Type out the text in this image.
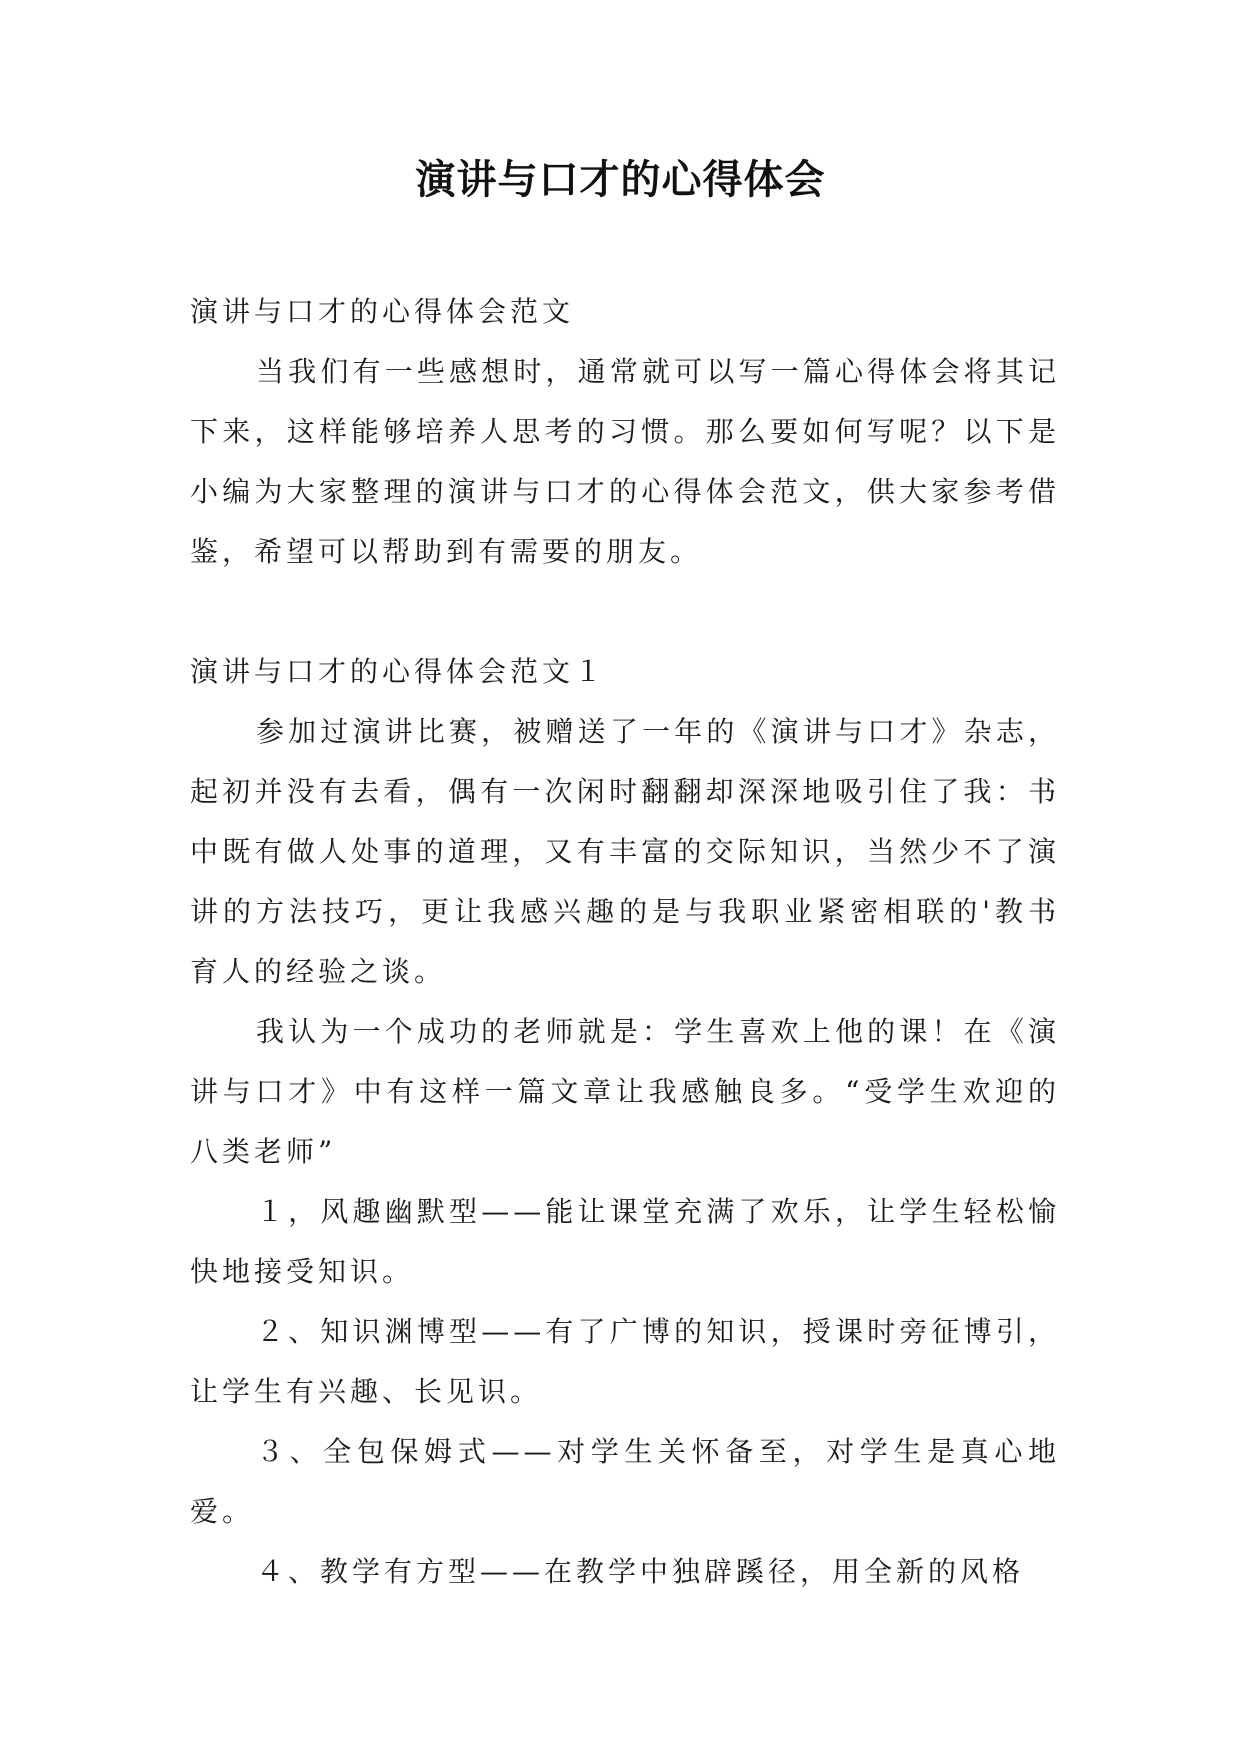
演讲与口才的心得体会

演讲与口才的心得体会范文

当我们有一些感想时，通常就可以写一篇心得体会将其记下来，这样能够培养人思考的习惯。那么要如何写呢？以下是小编为大家整理的演讲与口才的心得体会范文，供大家参考借鉴，希望可以帮助到有需要的朋友。

演讲与口才的心得体会范文１

参加过演讲比赛，被赠送了一年的《演讲与口才》杂志，起初并没有去看，偶有一次闲时翻翻却深深地吸引住了我：书中既有做人处事的道理，又有丰富的交际知识，当然少不了演讲的方法技巧，更让我感兴趣的是与我职业紧密相联的'教书育人的经验之谈。

我认为一个成功的老师就是：学生喜欢上他的课！在《演讲与口才》中有这样一篇文章让我感触良多。“受学生欢迎的八类老师”

１，风趣幽默型——能让课堂充满了欢乐，让学生轻松愉快地接受知识。

２、知识渊博型——有了广博的知识，授课时旁征博引，让学生有兴趣、长见识。

３、全包保姆式——对学生关怀备至，对学生是真心地爱。

４、教学有方型——在教学中独辟蹊径，用全新的风格
